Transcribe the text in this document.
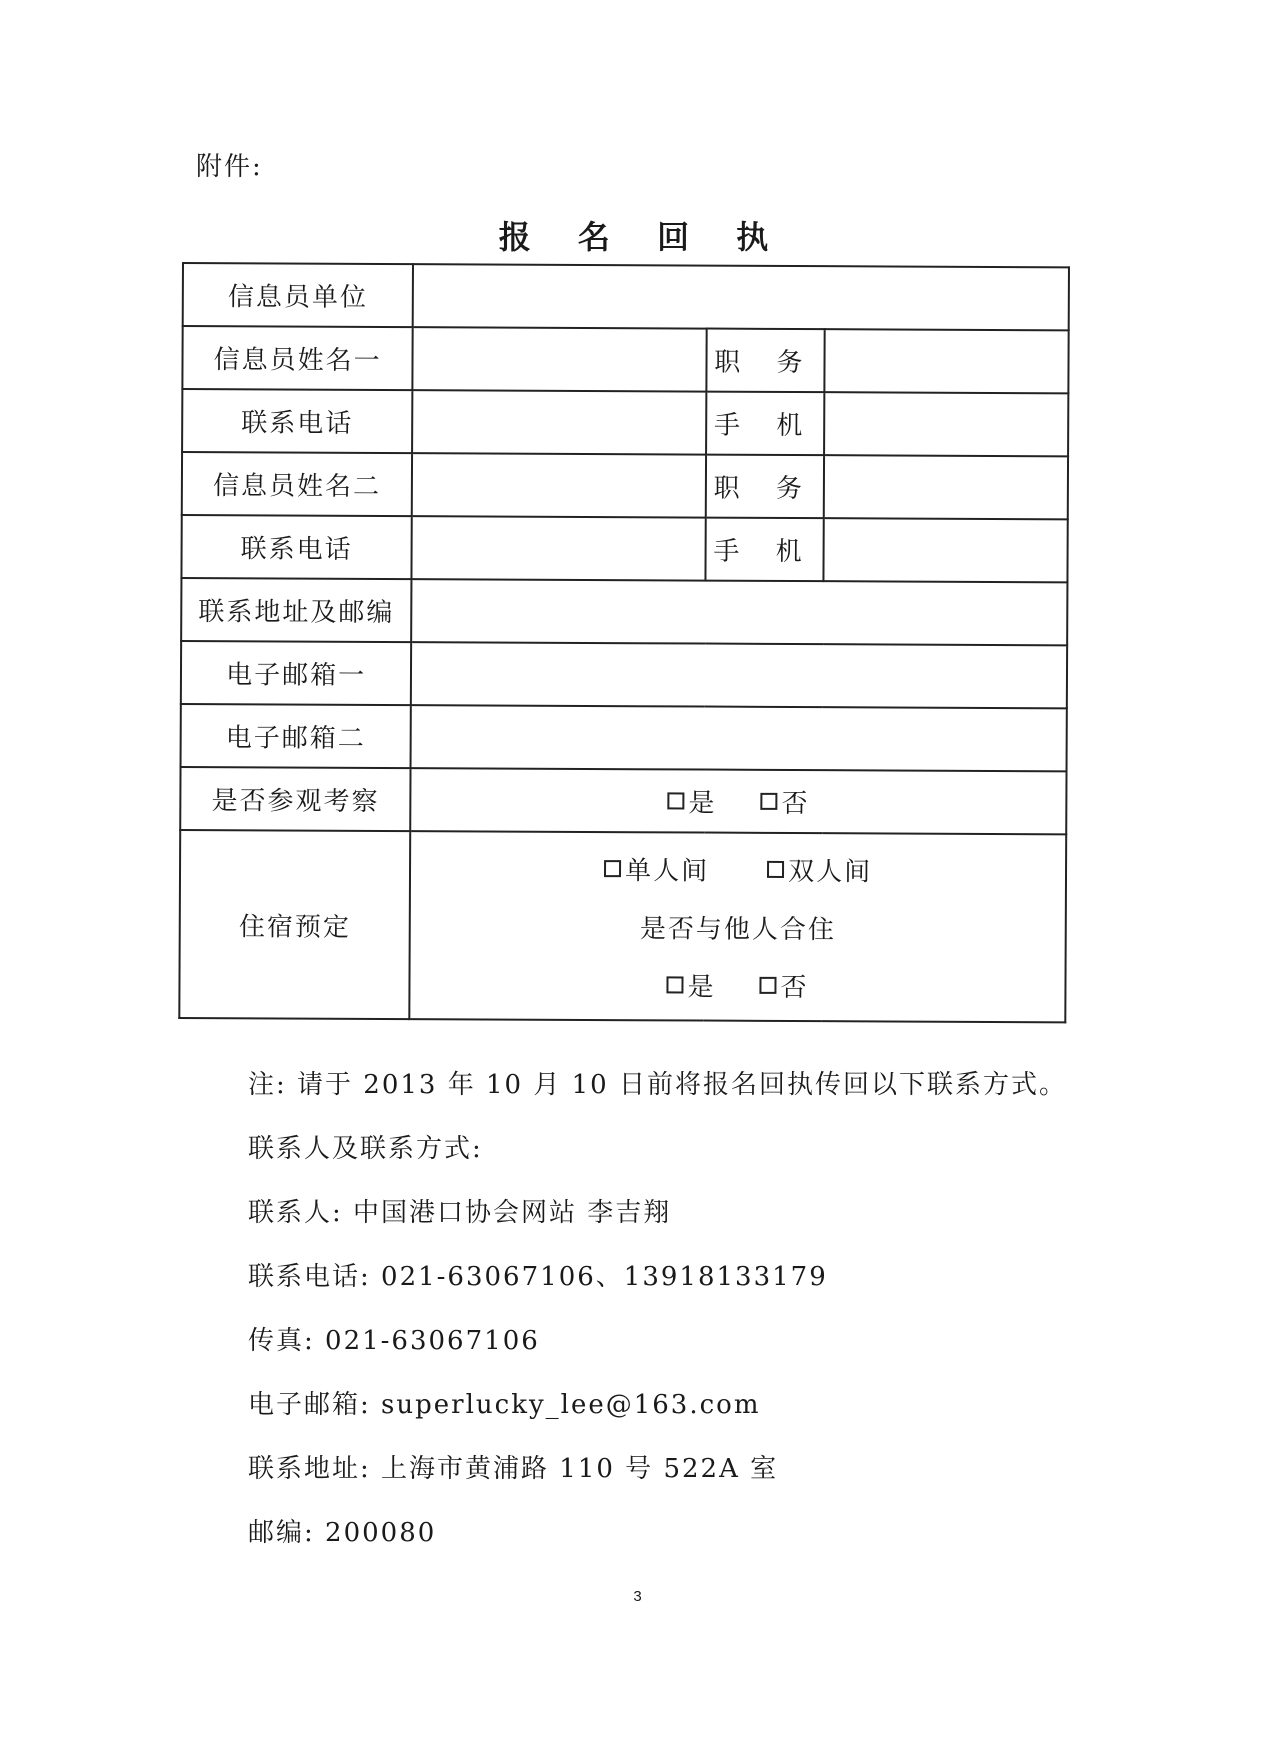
附件:
报 名 回 执
信息员单位			
信息员姓名一		职 务	
联系电话		手 机	
信息员姓名二		职 务	
联系电话		手 机	
联系地址及邮编			
电子邮箱一			
电子邮箱二			
是否参观考察	是 否		

住宿预定	单人间 双人间
是否与他人合住
是 否		
注: 请于 2013 年 10 月 10 日前将报名回执传回以下联系方式。
联系人及联系方式:
联系人: 中国港口协会网站 李吉翔
联系电话: 021-63067106、13918133179
传真: 021-63067106
电子邮箱: superlucky_lee@163.com
联系地址: 上海市黄浦路 110 号 522A 室
邮编: 200080
3
